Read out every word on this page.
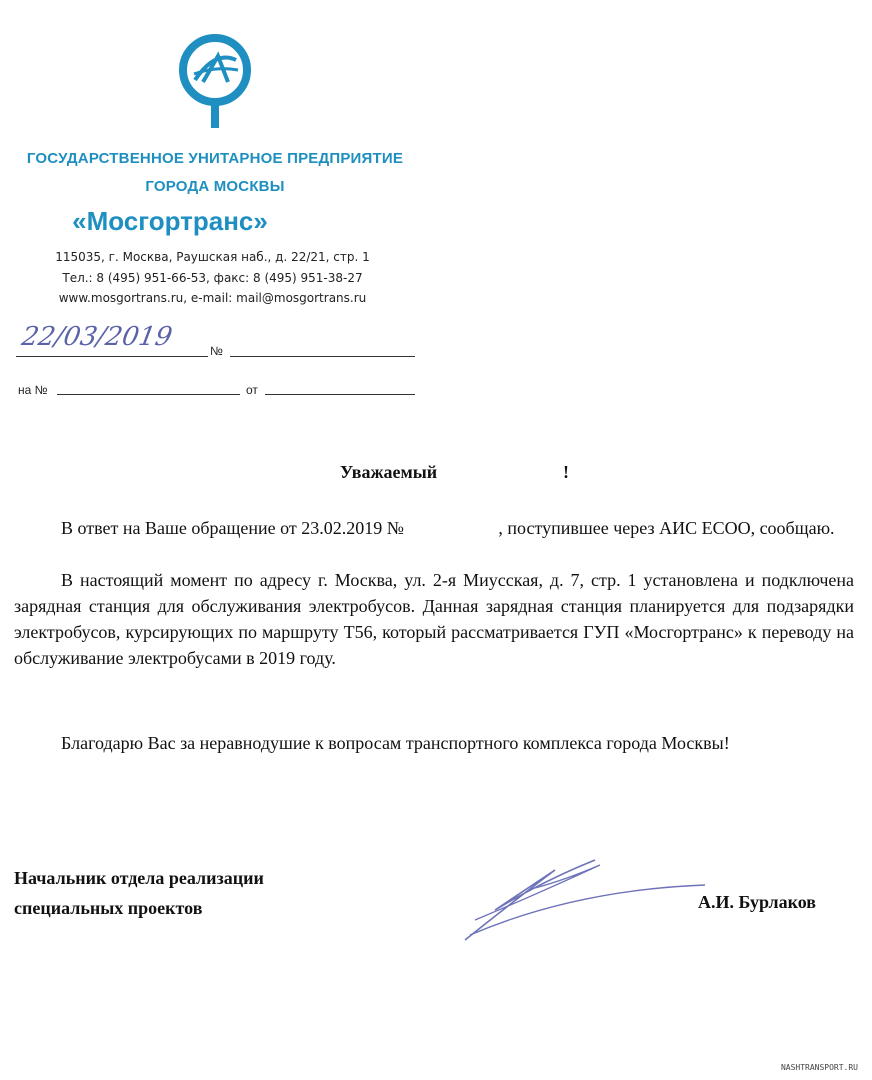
ГОСУДАРСТВЕННОЕ УНИТАРНОЕ ПРЕДПРИЯТИЕ
ГОРОДА МОСКВЫ
«Мосгортранс»
115035, г. Москва, Раушская наб., д. 22/21, стр. 1
Тел.: 8 (495) 951-66-53, факс: 8 (495) 951-38-27
www.mosgortrans.ru, e-mail: mail@mosgortrans.ru
22/03/2019	№
на №	от
Уважаемый	!
В ответ на Ваше обращение от 23.02.2019 №                     , поступившее через АИС ЕСОО, сообщаю.
В настоящий момент по адресу г. Москва, ул. 2-я Миусская, д. 7, стр. 1 установлена и подключена зарядная станция для обслуживания электробусов. Данная зарядная станция планируется для подзарядки электробусов, курсирующих по маршруту Т56, который рассматривается ГУП «Мосгортранс» к переводу на обслуживание электробусами в 2019 году.
Благодарю Вас за неравнодушие к вопросам транспортного комплекса города Москвы!
Начальник отдела реализации
специальных проектов	А.И. Бурлаков
NASHTRANSPORT.RU
